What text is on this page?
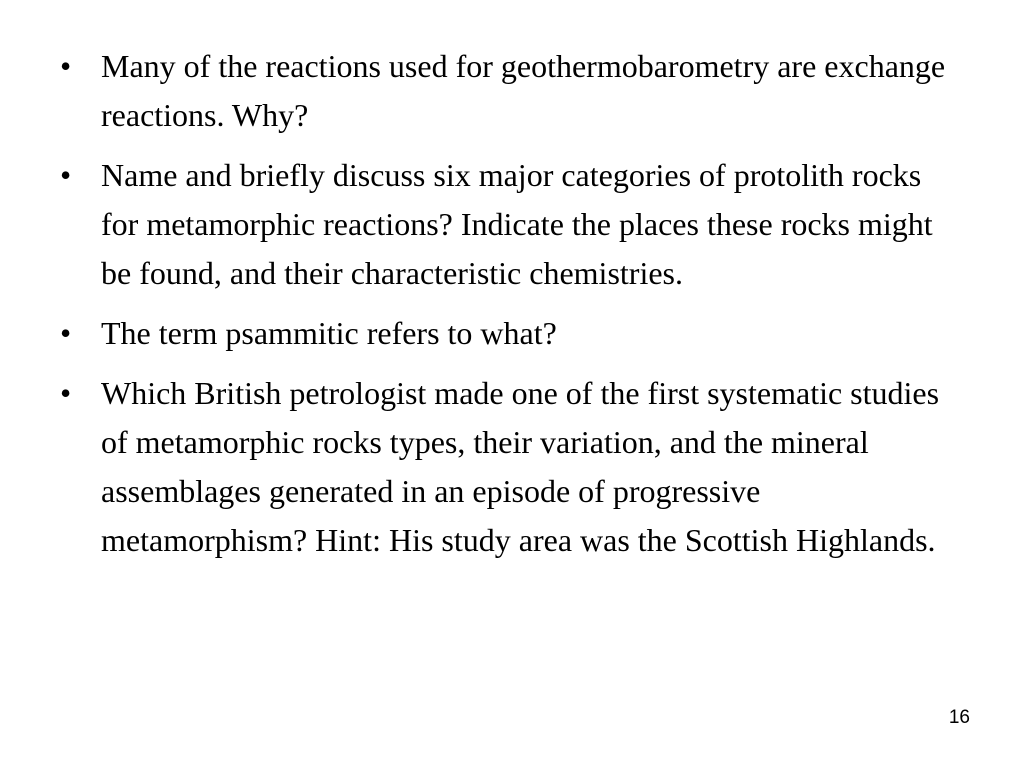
• Many of the reactions used for geothermobarometry are exchange reactions. Why?
• Name and briefly discuss six major categories of protolith rocks for metamorphic reactions? Indicate the places these rocks might be found, and their characteristic chemistries.
• The term psammitic refers to what?
• Which British petrologist made one of the first systematic studies of metamorphic rocks types, their variation, and the mineral assemblages generated in an episode of progressive metamorphism? Hint: His study area was the Scottish Highlands.
16
